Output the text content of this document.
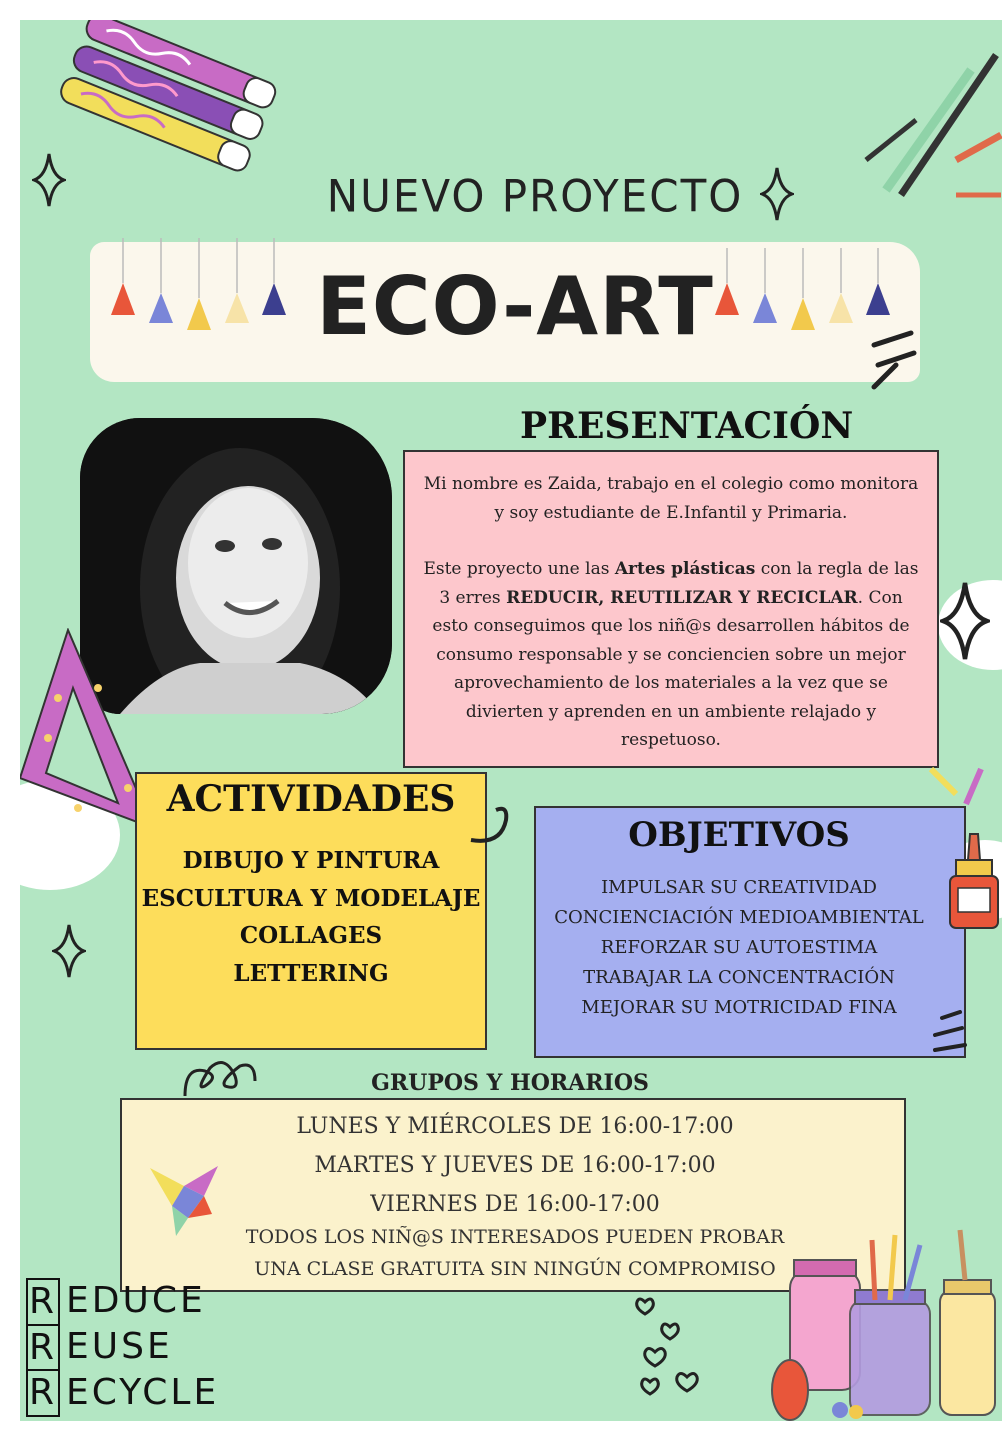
NUEVO PROYECTO
ECO-ART
PRESENTACIÓN

Mi nombre es Zaida, trabajo en el colegio como monitora y soy estudiante de E.Infantil y Primaria.

Este proyecto une las Artes plásticas con la regla de las 3 erres REDUCIR, REUTILIZAR Y RECICLAR. Con esto conseguimos que los niñ@s desarrollen hábitos de consumo responsable y se conciencien sobre un mejor aprovechamiento de los materiales a la vez que se divierten y aprenden en un ambiente relajado y respetuoso.

ACTIVIDADES
DIBUJO Y PINTURA
ESCULTURA Y MODELAJE
COLLAGES
LETTERING
OBJETIVOS
IMPULSAR SU CREATIVIDAD
CONCIENCIACIÓN MEDIOAMBIENTAL
REFORZAR SU AUTOESTIMA
TRABAJAR LA CONCENTRACIÓN
MEJORAR SU MOTRICIDAD FINA
GRUPOS Y HORARIOS
LUNES Y MIÉRCOLES DE 16:00-17:00
MARTES Y JUEVES DE 16:00-17:00
VIERNES DE 16:00-17:00
TODOS LOS NIÑ@S INTERESADOS PUEDEN PROBAR
UNA CLASE GRATUITA SIN NINGÚN COMPROMISO
R EDUCE
R EUSE
R ECYCLE
